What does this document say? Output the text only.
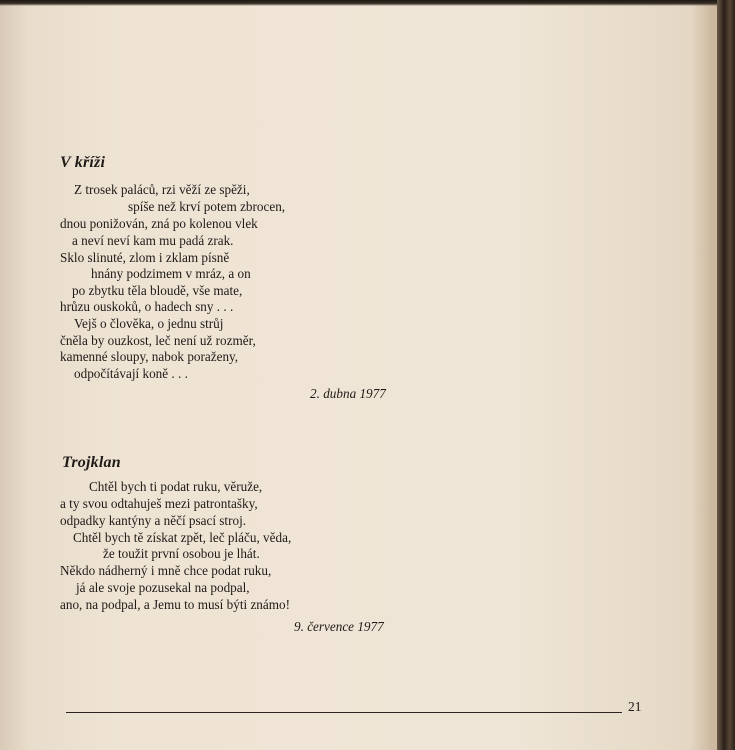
V kříži
Z trosek paláců, rzi věží ze spěži,
spíše než krví potem zbrocen,
dnou ponižován, zná po kolenou vlek
a neví neví kam mu padá zrak.
Sklo slinuté, zlom i zklam písně
hnány podzimem v mráz, a on
po zbytku těla bloudě, vše mate,
hrůzu ouskoků, o hadech sny . . .
Vejš o člověka, o jednu strůj
čněla by ouzkost, leč není už rozměr,
kamenné sloupy, nabok poraženy,
odpočítávají koně . . .
2. dubna 1977
Trojklan
Chtěl bych ti podat ruku, věruže,
a ty svou odtahuješ mezi patrontašky,
odpadky kantýny a něčí psací stroj.
Chtěl bych tě získat zpět, leč pláču, věda,
že toužit první osobou je lhát.
Někdo nádherný i mně chce podat ruku,
já ale svoje pozusekal na podpal,
ano, na podpal, a Jemu to musí býti známo!
9. července 1977
21
